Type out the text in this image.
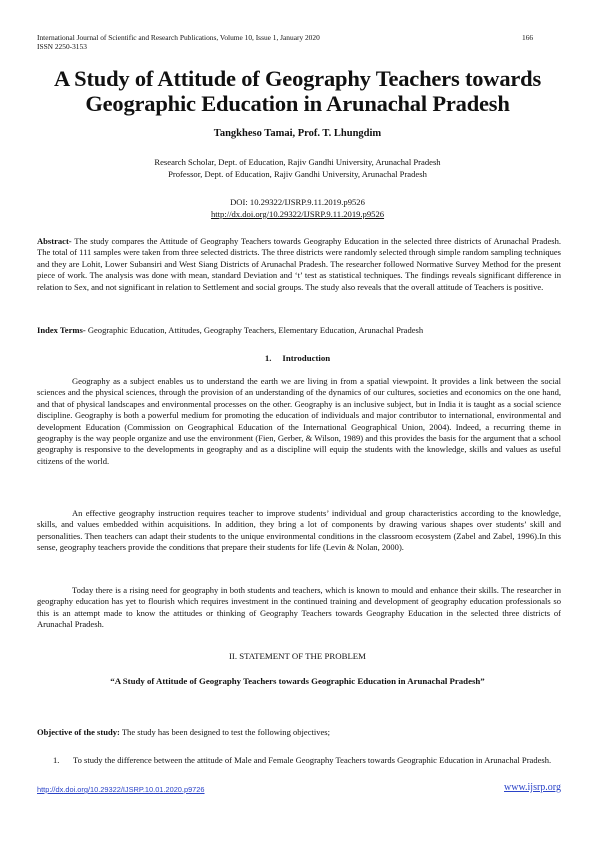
International Journal of Scientific and Research Publications, Volume 10, Issue 1, January 2020
ISSN 2250-3153
166
A Study of Attitude of Geography Teachers towards
Geographic Education in Arunachal Pradesh
Tangkheso Tamai, Prof. T. Lhungdim
Research Scholar, Dept. of Education, Rajiv Gandhi University, Arunachal Pradesh
Professor, Dept. of Education, Rajiv Gandhi University, Arunachal Pradesh
DOI: 10.29322/IJSRP.9.11.2019.p9526
http://dx.doi.org/10.29322/IJSRP.9.11.2019.p9526
Abstract- The study compares the Attitude of Geography Teachers towards Geography Education in the selected three districts of Arunachal Pradesh. The total of 111 samples were taken from three selected districts. The three districts were randomly selected through simple random sampling techniques and they are Lohit, Lower Subansiri and West Siang Districts of Arunachal Pradesh. The researcher followed Normative Survey Method for the present piece of work. The analysis was done with mean, standard Deviation and ‘t’ test as statistical techniques. The findings reveals significant difference in relation to Sex, and not significant in relation to Settlement and social groups. The study also reveals that the overall attitude of Teachers is positive.
Index Terms- Geographic Education, Attitudes, Geography Teachers, Elementary Education, Arunachal Pradesh
1.     Introduction
Geography as a subject enables us to understand the earth we are living in from a spatial viewpoint. It provides a link between the social sciences and the physical sciences, through the provision of an understanding of the dynamics of our cultures, societies and economics on the one hand, and that of physical landscapes and environmental processes on the other. Geography is an inclusive subject, but in India it is taught as a social science discipline. Geography is both a powerful medium for promoting the education of individuals and major contributor to international, environmental and development Education (Commission on Geographical Education of the International Geographical Union, 2004). Indeed, a recurring theme in geography is the way people organize and use the environment (Fien, Gerber, & Wilson, 1989) and this provides the basis for the argument that a school geography is responsive to the developments in geography and as a discipline will equip the students with the knowledge, skills and values as useful citizens of the world.
An effective geography instruction requires teacher to improve students’ individual and group characteristics according to the knowledge, skills, and values embedded within acquisitions. In addition, they bring a lot of components by drawing various shapes over students’ skill and personalities. Then teachers can adapt their students to the unique environmental conditions in the classroom ecosystem (Zabel and Zabel, 1996).In this sense, geography teachers provide the conditions that prepare their students for life (Levin & Nolan, 2000).
Today there is a rising need for geography in both students and teachers, which is known to mould and enhance their skills. The researcher in geography education has yet to flourish which requires investment in the continued training and development of geography education professionals so this is an attempt made to know the attitudes or thinking of Geography Teachers towards Geography Education in the selected three districts of Arunachal Pradesh.
II. STATEMENT OF THE PROBLEM
“A Study of Attitude of Geography Teachers towards Geographic Education in Arunachal Pradesh”
Objective of the study: The study has been designed to test the following objectives;
1. To study the difference between the attitude of Male and Female Geography Teachers towards Geographic Education in Arunachal Pradesh.
http://dx.doi.org/10.29322/IJSRP.10.01.2020.p9726	www.ijsrp.org
